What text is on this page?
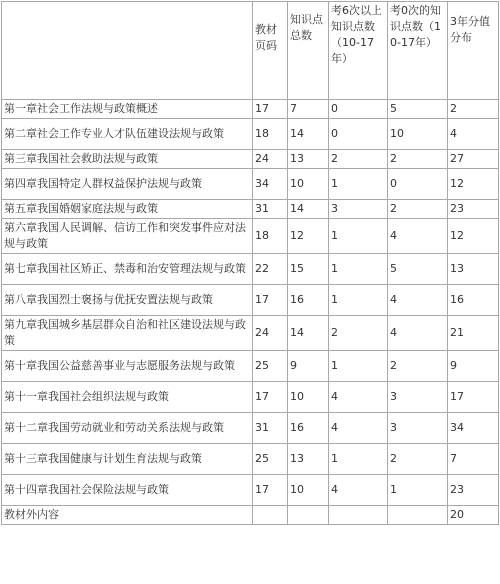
	教材页码	知识点总数	考6次以上知识点数（10-17年）	考0次的知识点数（10-17年）	3年分值分布
第一章社会工作法规与政策概述	17	7	0	5	2
第二章社会工作专业人才队伍建设法规与政策	18	14	0	10	4
第三章我国社会救助法规与政策	24	13	2	2	27
第四章我国特定人群权益保护法规与政策	34	10	1	0	12
第五章我国婚姻家庭法规与政策	31	14	3	2	23
第六章我国人民调解、信访工作和突发事件应对法规与政策	18	12	1	4	12
第七章我国社区矫正、禁毒和治安管理法规与政策	22	15	1	5	13
第八章我国烈士褒扬与优抚安置法规与政策	17	16	1	4	16
第九章我国城乡基层群众自治和社区建设法规与政策	24	14	2	4	21
第十章我国公益慈善事业与志愿服务法规与政策	25	9	1	2	9
第十一章我国社会组织法规与政策	17	10	4	3	17
第十二章我国劳动就业和劳动关系法规与政策	31	16	4	3	34
第十三章我国健康与计划生育法规与政策	25	13	1	2	7
第十四章我国社会保险法规与政策	17	10	4	1	23
教材外内容					20
